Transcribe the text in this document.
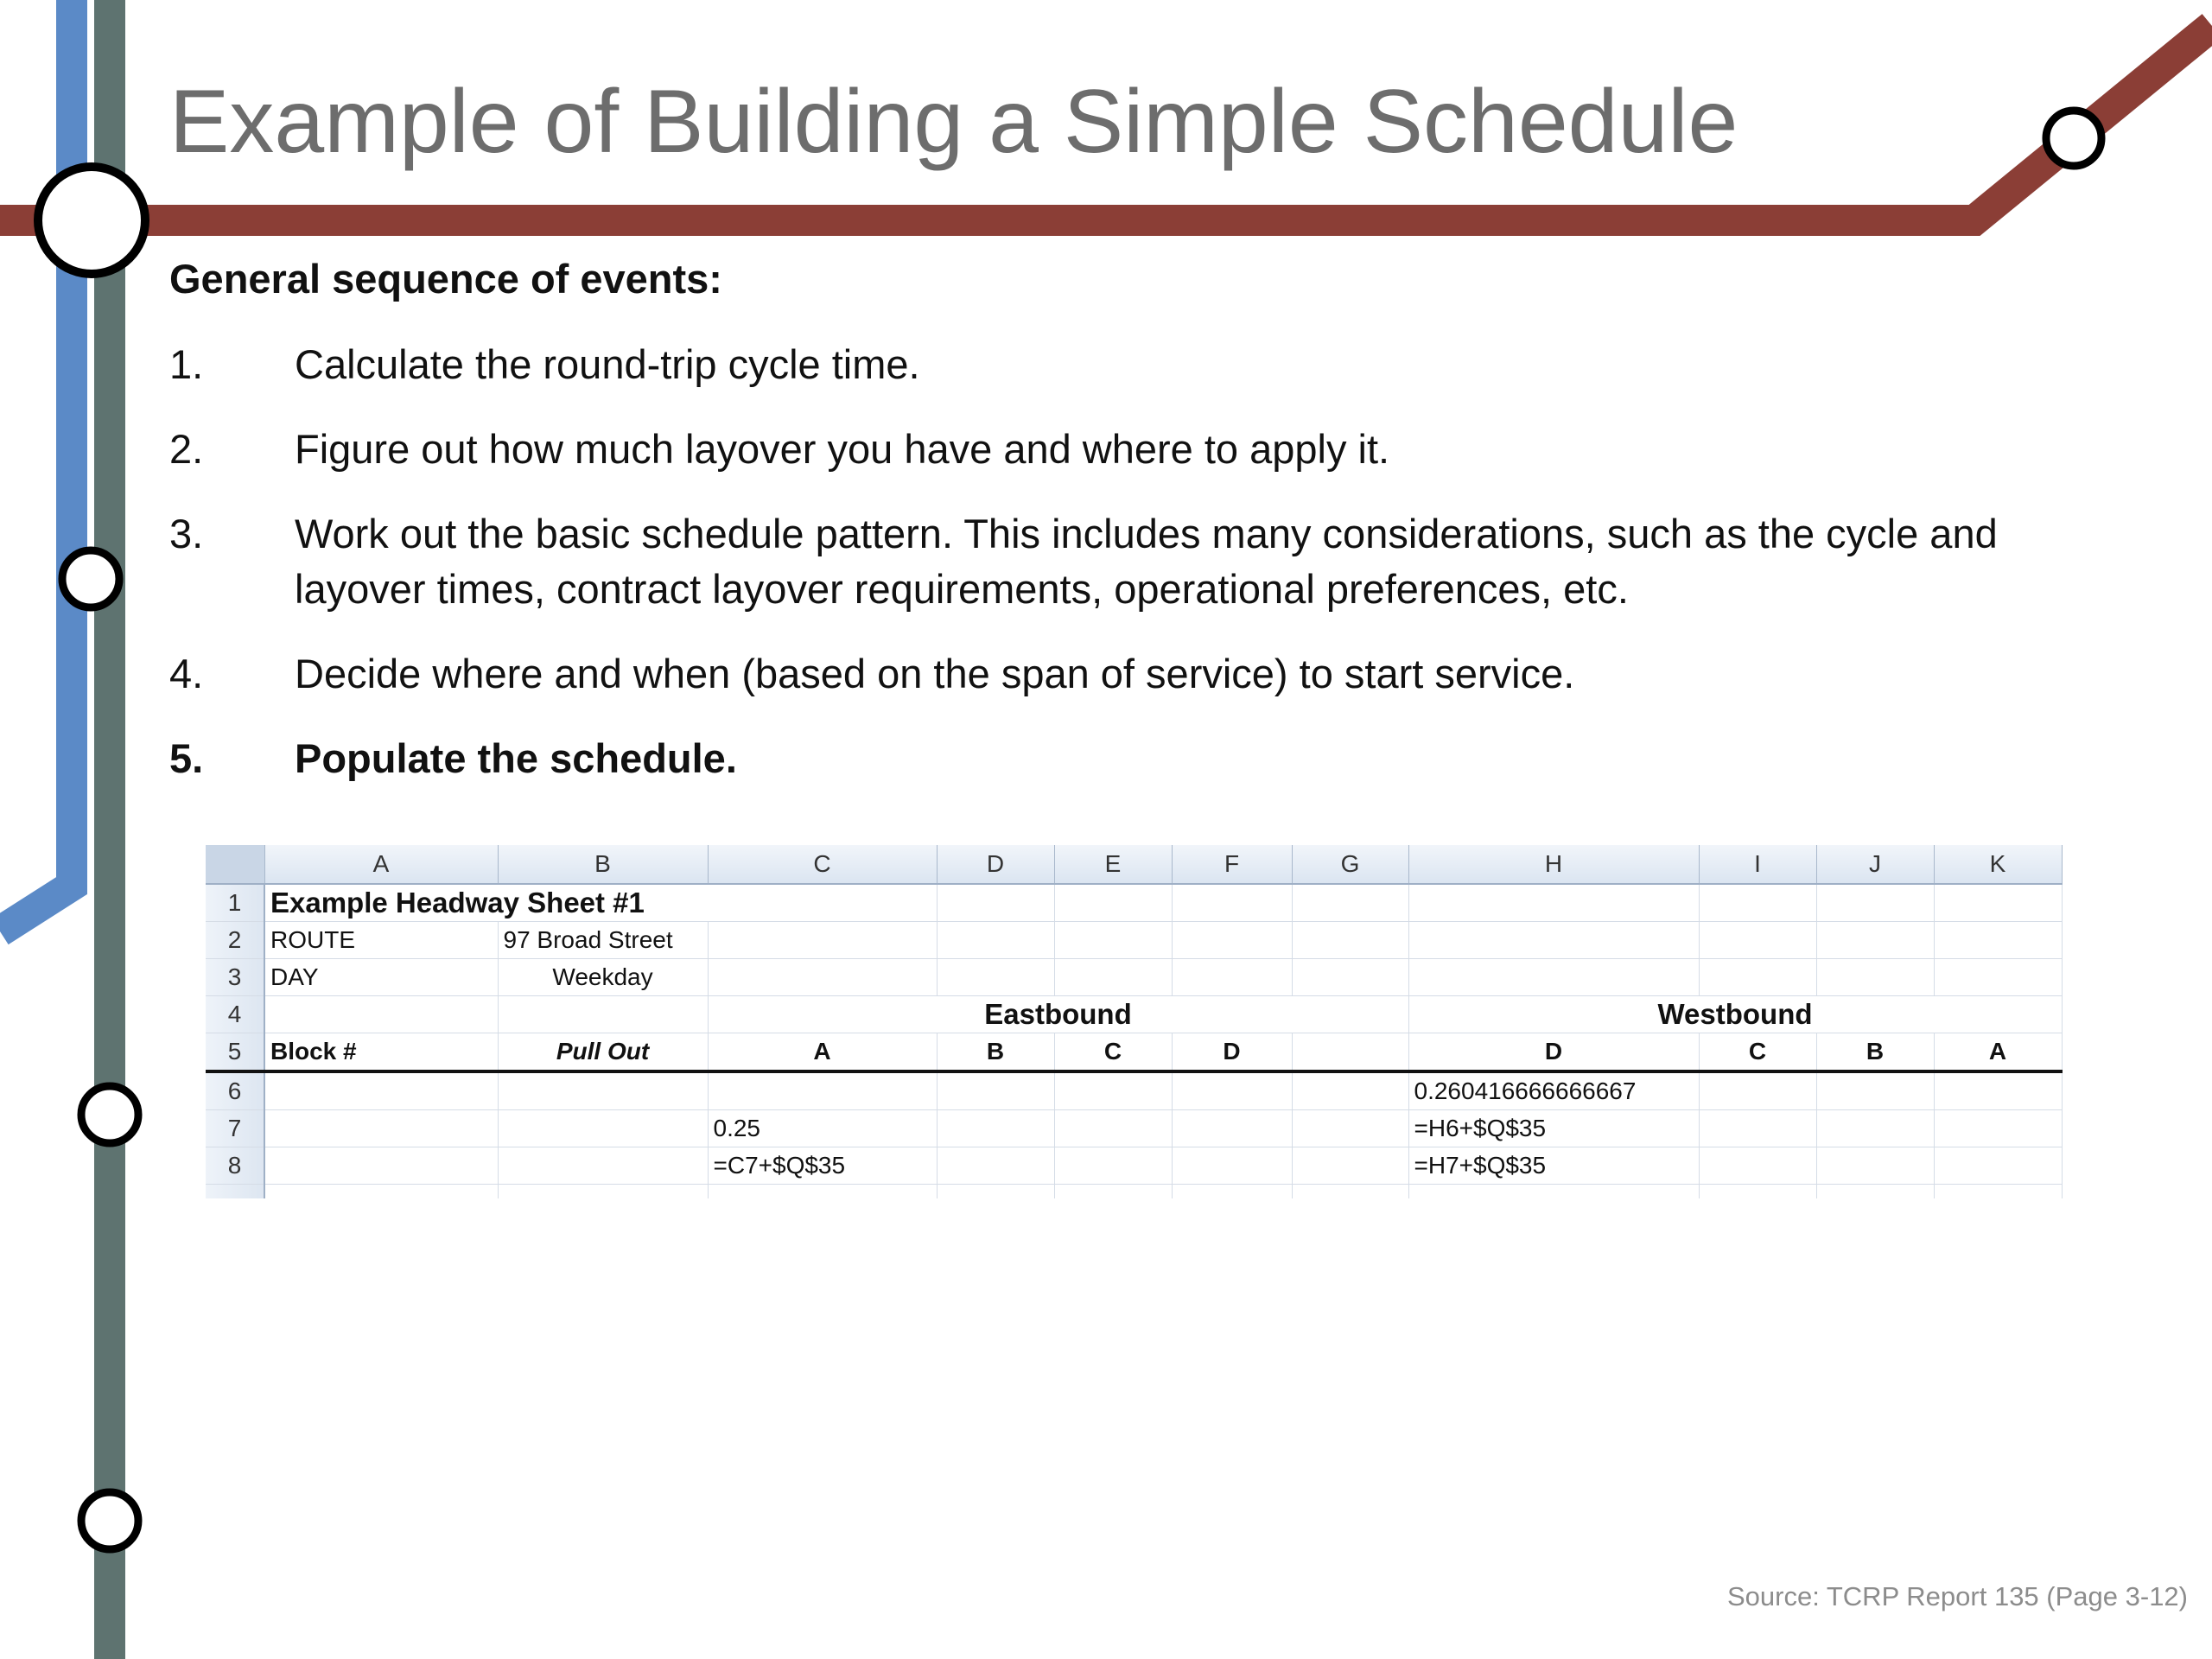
Example of Building a Simple Schedule
General sequence of events:
1.	Calculate the round-trip cycle time.
2.	Figure out how much layover you have and where to apply it.
3.	Work out the basic schedule pattern. This includes many considerations, such as the cycle and layover times, contract layover requirements, operational preferences, etc.
4.	Decide where and when (based on the span of service) to start service.
5.	Populate the schedule.
	A	B	C	D	E	F	G	H	I	J	K
1	Example Headway Sheet #1										
2	ROUTE	97 Broad Street									
3	DAY	Weekday									
4			Eastbound					Westbound			
5	Block #	Pull Out	A	B	C	D		D	C	B	A
6								0.260416666666667			
7			0.25					=H6+$Q$35			
8			=C7+$Q$35					=H7+$Q$35			

Source: TCRP Report 135 (Page 3-12)
